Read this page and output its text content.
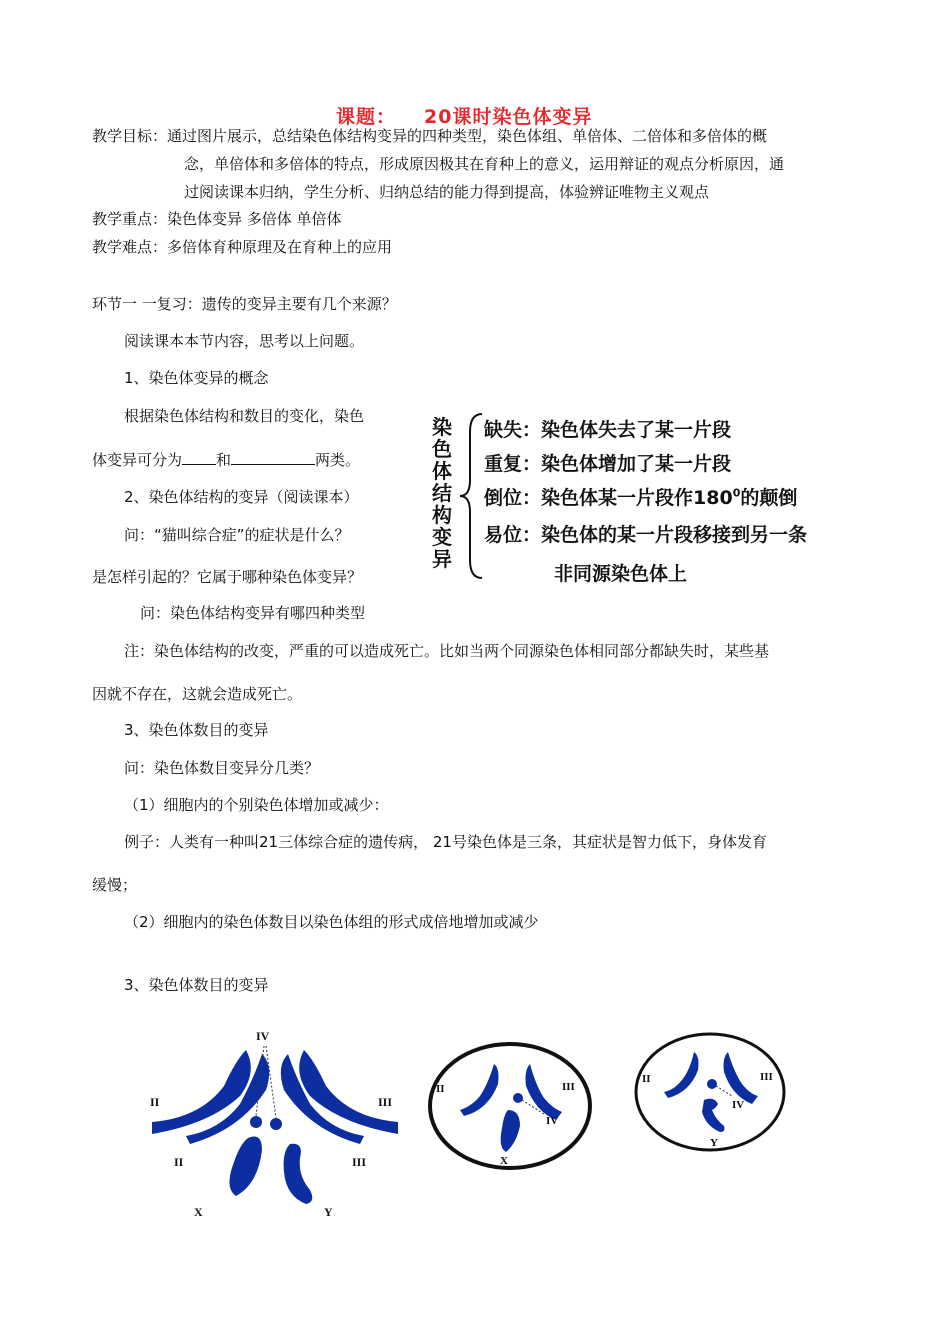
课题： 20课时染色体变异
教学目标：通过图片展示，总结染色体结构变异的四种类型，染色体组、单倍体、二倍体和多倍体的概
念，单倍体和多倍体的特点，形成原因极其在育种上的意义，运用辩证的观点分析原因，通
过阅读课本归纳，学生分析、归纳总结的能力得到提高，体验辨证唯物主义观点
教学重点：染色体变异 多倍体 单倍体
教学难点：多倍体育种原理及在育种上的应用
环节一 一复习：遗传的变异主要有几个来源？
阅读课本本节内容，思考以上问题。
1、染色体变异的概念
根据染色体结构和数目的变化，染色
体变异可分为 和	两类。
2、染色体结构的变异（阅读课本）
问：“猫叫综合症”的症状是什么？
是怎样引起的？它属于哪种染色体变异？
问：染色体结构变异有哪四种类型
注：染色体结构的改变，严重的可以造成死亡。比如当两个同源染色体相同部分都缺失时，某些基
因就不存在，这就会造成死亡。
3、染色体数目的变异
问：染色体数目变异分几类？
（1）细胞内的个别染色体增加或减少：
例子：人类有一种叫21三体综合症的遗传病， 21号染色体是三条，其症状是智力低下，身体发育
缓慢；
（2）细胞内的染色体数目以染色体组的形式成倍地增加或减少
3、染色体数目的变异
染色体结构变异
缺失：染色体失去了某一片段
重复：染色体增加了某一片段
倒位：染色体某一片段作$180^0$的颠倒
易位：染色体的某一片段移接到另一条
非同源染色体上
IV
II
II
III
III
X	Y
II	III
IV
X
II	III
IV
Y
